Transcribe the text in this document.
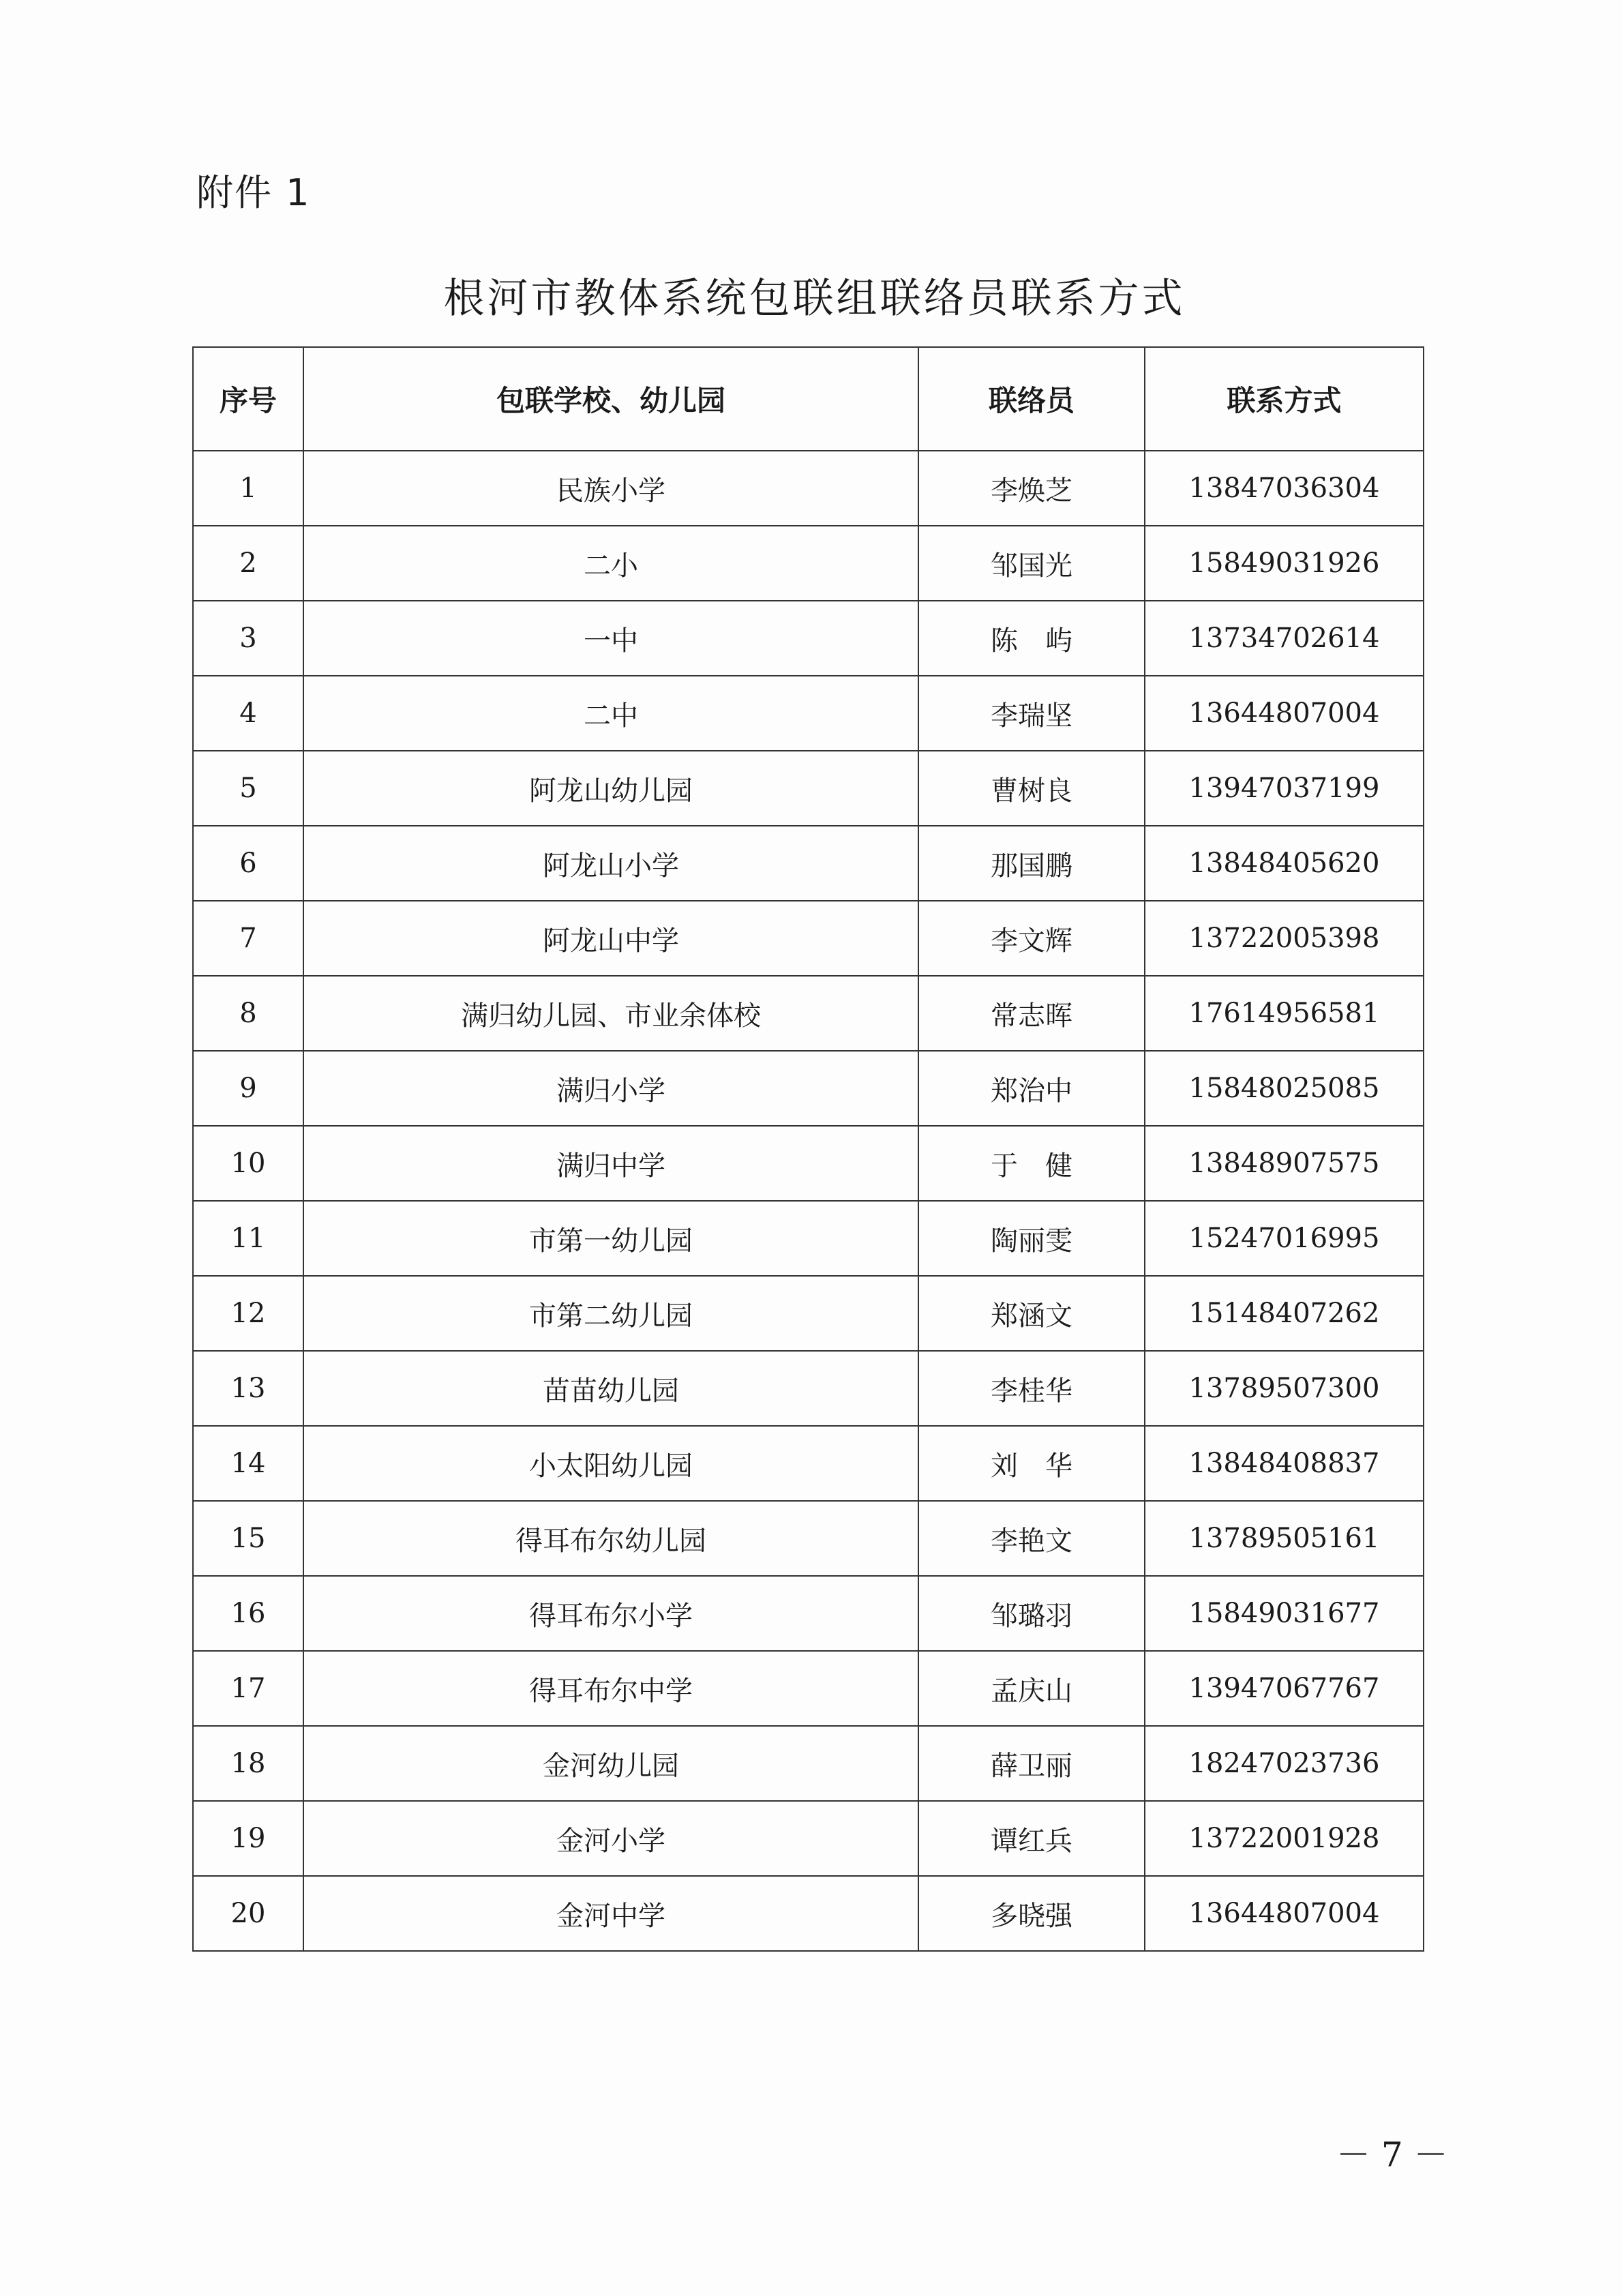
附件 1
根河市教体系统包联组联络员联系方式
序号	包联学校、幼儿园	联络员	联系方式
1	民族小学	李焕芝	13847036304
2	二小	邹国光	15849031926
3	一中	陈　屿	13734702614
4	二中	李瑞坚	13644807004
5	阿龙山幼儿园	曹树良	13947037199
6	阿龙山小学	那国鹏	13848405620
7	阿龙山中学	李文辉	13722005398
8	满归幼儿园、市业余体校	常志晖	17614956581
9	满归小学	郑治中	15848025085
10	满归中学	于　健	13848907575
11	市第一幼儿园	陶丽雯	15247016995
12	市第二幼儿园	郑涵文	15148407262
13	苗苗幼儿园	李桂华	13789507300
14	小太阳幼儿园	刘　华	13848408837
15	得耳布尔幼儿园	李艳文	13789505161
16	得耳布尔小学	邹璐羽	15849031677
17	得耳布尔中学	孟庆山	13947067767
18	金河幼儿园	薛卫丽	18247023736
19	金河小学	谭红兵	13722001928
20	金河中学	多晓强	13644807004
－ 7 －
